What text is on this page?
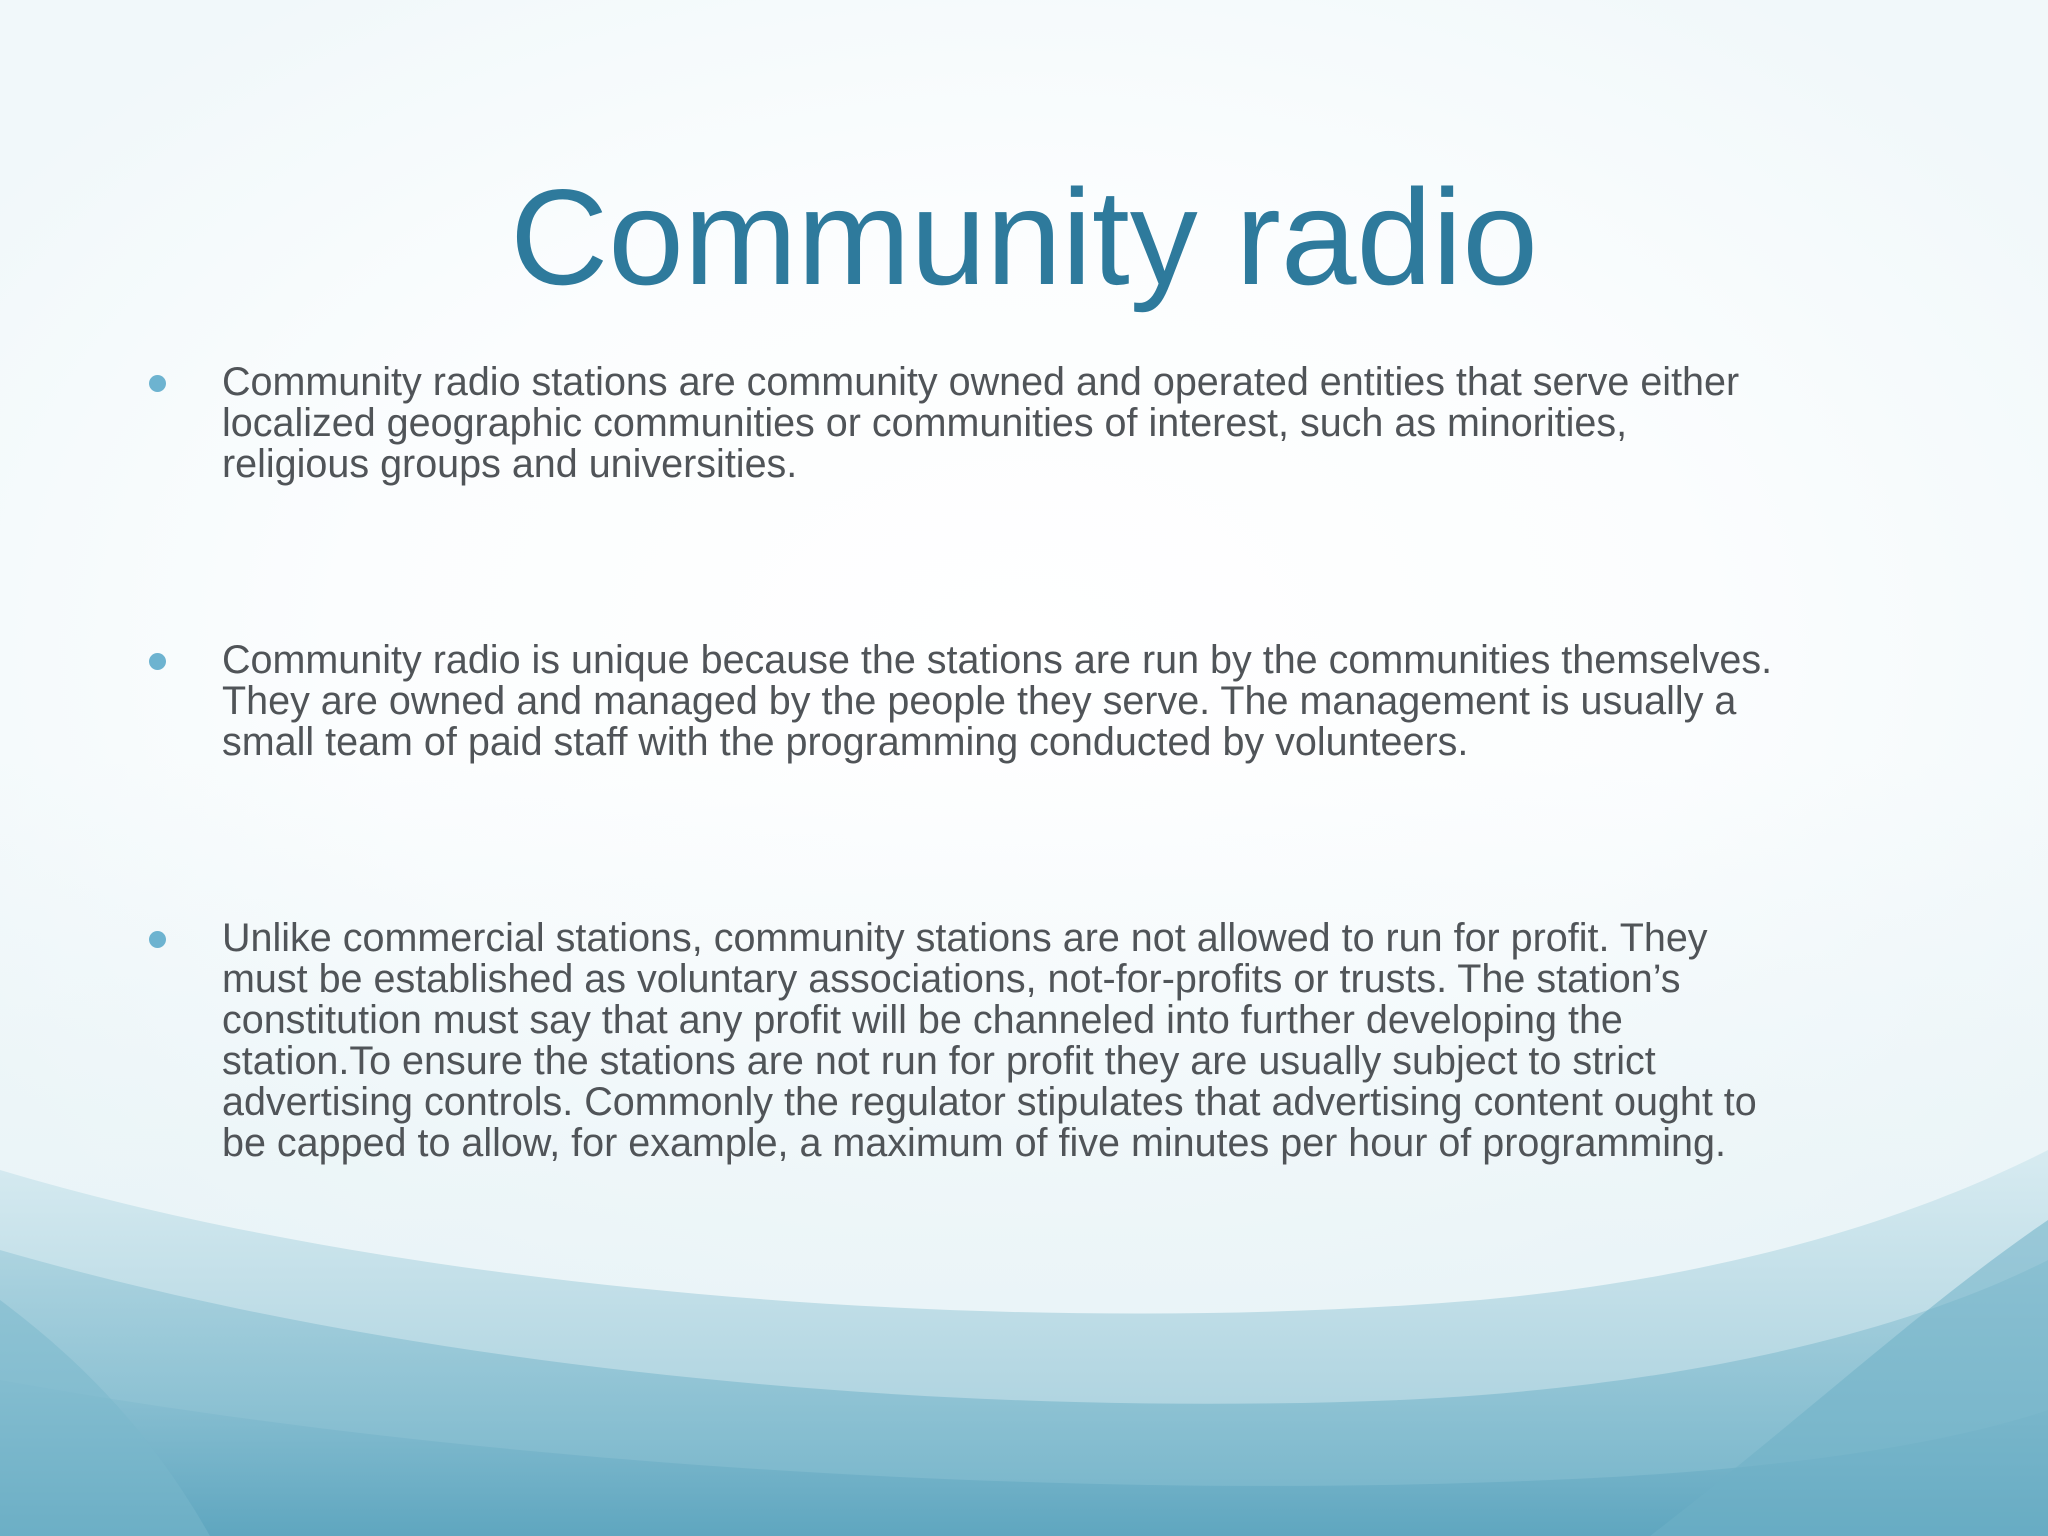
Community radio

Community radio stations are community owned and operated entities that serve either
localized geographic communities or communities of interest, such as minorities,
religious groups and universities.

Community radio is unique because the stations are run by the communities themselves.
They are owned and managed by the people they serve. The management is usually a
small team of paid staff with the programming conducted by volunteers.

Unlike commercial stations, community stations are not allowed to run for profit. They
must be established as voluntary associations, not-for-profits or trusts. The station’s
constitution must say that any profit will be channeled into further developing the
station.To ensure the stations are not run for profit they are usually subject to strict
advertising controls. Commonly the regulator stipulates that advertising content ought to
be capped to allow, for example, a maximum of five minutes per hour of programming.
